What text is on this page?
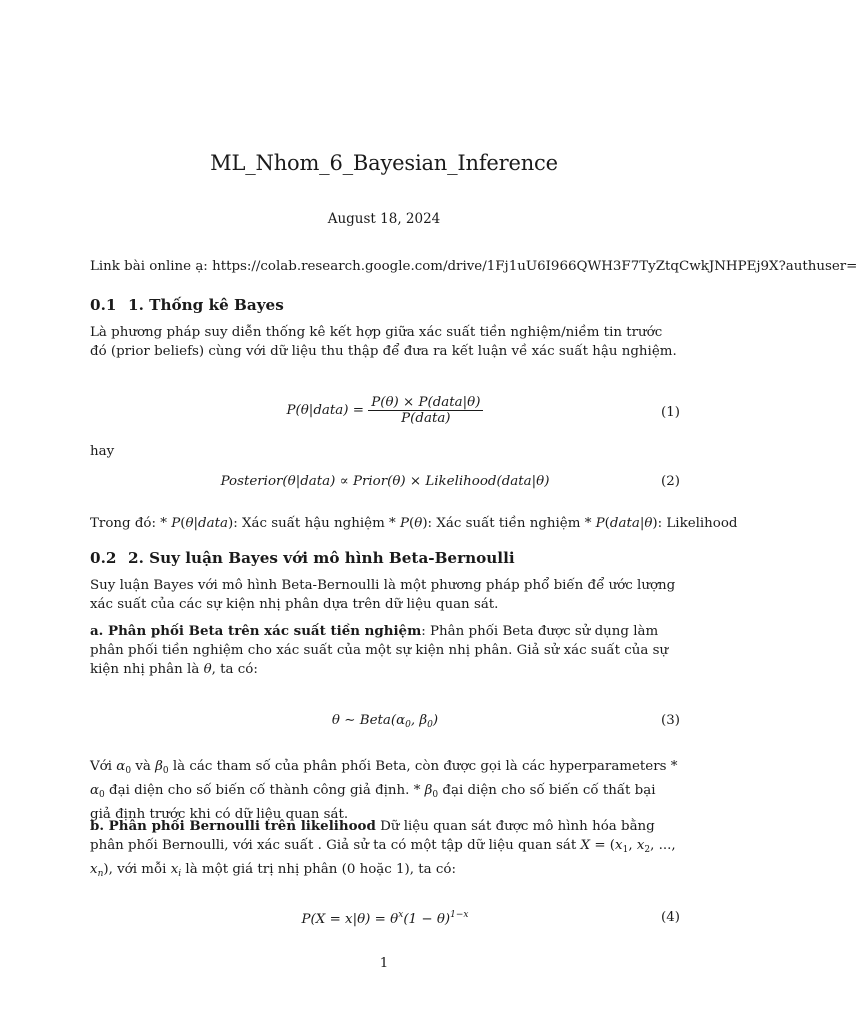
ML_Nhom_6_Bayesian_Inference
August 18, 2024
Link bài online ạ: https://colab.research.google.com/drive/1Fj1uU6I966QWH3F7TyZtqCwkJNHPEj9X?authuser=
0.1 1. Thống kê Bayes
Là phương pháp suy diễn thống kê kết hợp giữa xác suất tiền nghiệm/niềm tin trước đó (prior beliefs) cùng với dữ liệu thu thập để đưa ra kết luận về xác suất hậu nghiệm.
P(θ|data) = $\frac{\text{P(θ) × P(data|θ)}}{\text{P(data)}}$	(1)
hay
Posterior(θ|data) ∝ Prior(θ) × Likelihood(data|θ)	(2)
Trong đó: * P(θ|data): Xác suất hậu nghiệm * P(θ): Xác suất tiền nghiệm * P(data|θ): Likelihood
0.2 2. Suy luận Bayes với mô hình Beta-Bernoulli
Suy luận Bayes với mô hình Beta-Bernoulli là một phương pháp phổ biến để ước lượng xác suất của các sự kiện nhị phân dựa trên dữ liệu quan sát.
a. Phân phối Beta trên xác suất tiền nghiệm: Phân phối Beta được sử dụng làm phân phối tiền nghiệm cho xác suất của một sự kiện nhị phân. Giả sử xác suất của sự kiện nhị phân là θ, ta có:
θ ∼ $Beta(\alpha_0$, $\beta_0$)	(3)
Với $\alpha_0$ và $\beta_0$ là các tham số của phân phối Beta, còn được gọi là các hyperparameters * $\alpha_0$ đại diện cho số biến cố thành công giả định. * $\beta_0$ đại diện cho số biến cố thất bại giả định trước khi có dữ liệu quan sát.
b. Phân phối Bernoulli trên likelihood Dữ liệu quan sát được mô hình hóa bằng phân phối Bernoulli, với xác suất . Giả sử ta có một tập dữ liệu quan sát $X = (x_1$, $x_2$, ..., $x_n$), với mỗi $x_i$ là một giá trị nhị phân (0 hoặc 1), ta có:
$P(X = x|\theta) = \theta^x(1 - \theta)^{1-x}$	(4)
1
